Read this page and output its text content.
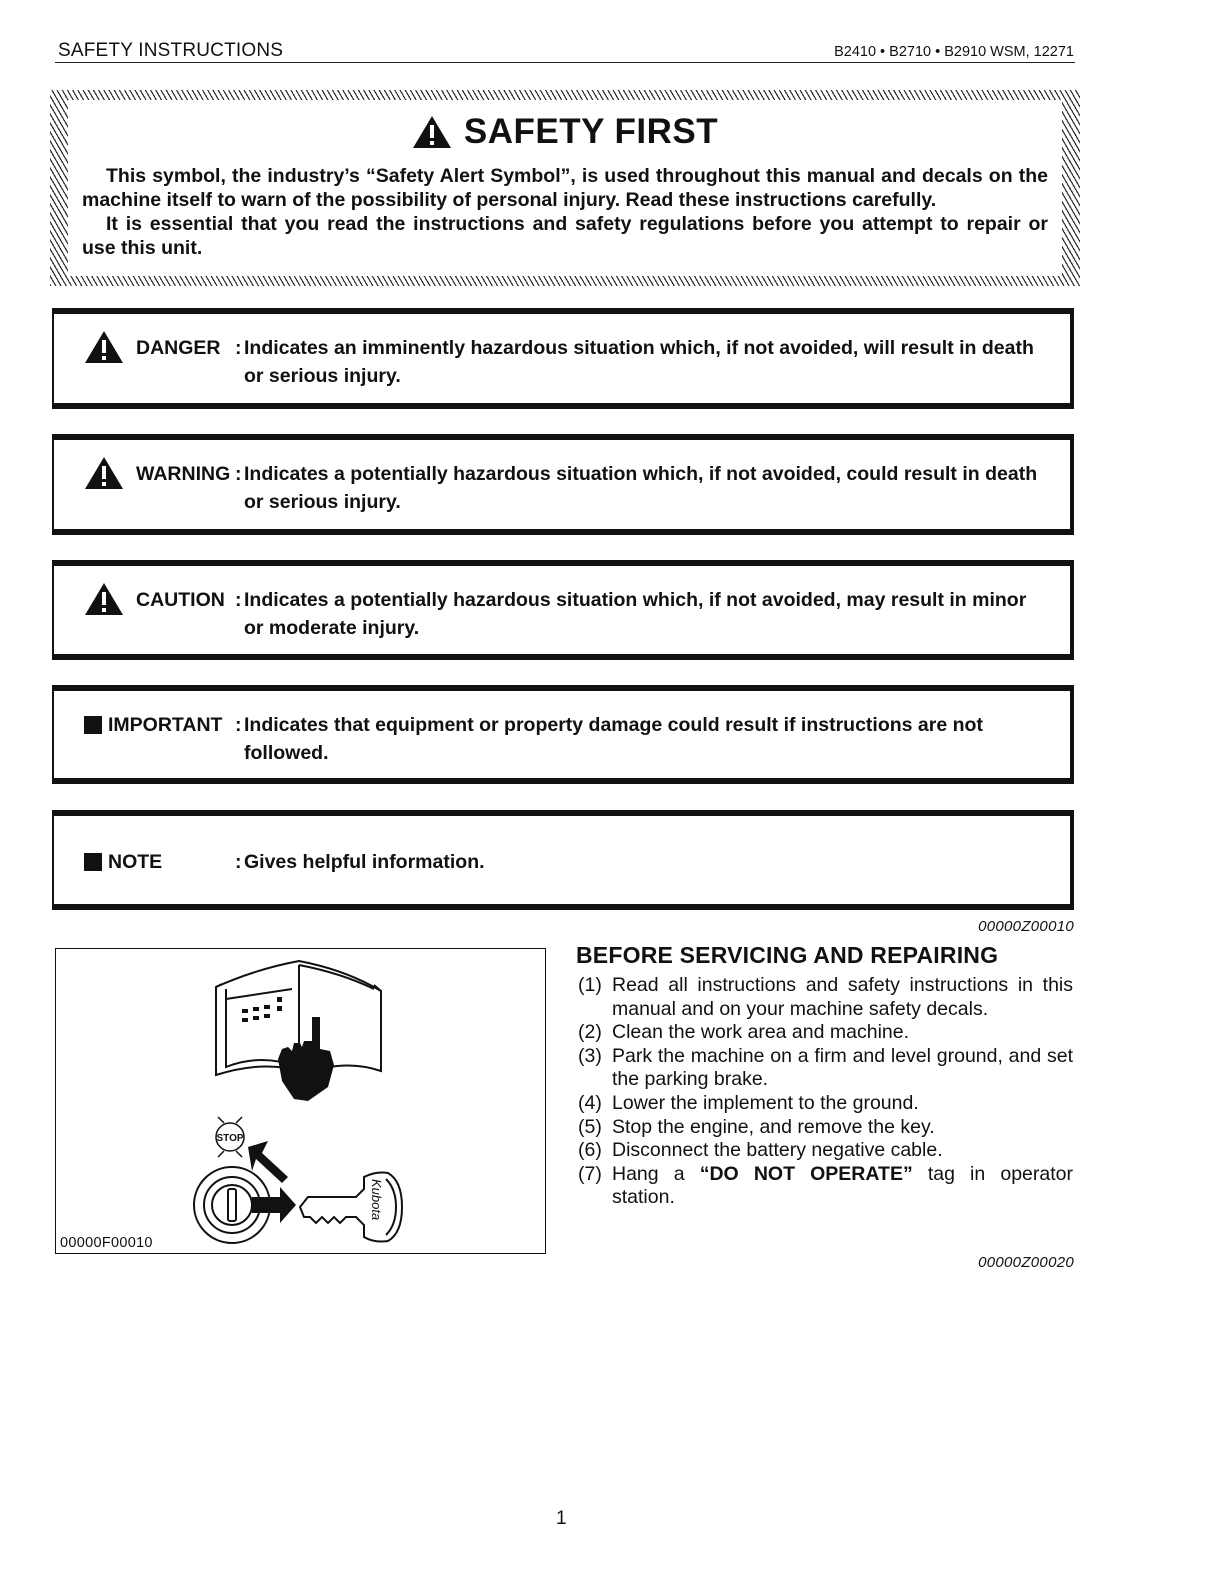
SAFETY INSTRUCTIONS	B2410 • B2710 • B2910 WSM, 12271
SAFETY FIRST

This symbol, the industry’s “Safety Alert Symbol”, is used throughout this manual and decals on the machine itself to warn of the possibility of personal injury. Read these instructions carefully.

It is essential that you read the instructions and safety regulations before you attempt to repair or use this unit.

DANGER : Indicates an imminently hazardous situation which, if not avoided, will result in death or serious injury.
WARNING : Indicates a potentially hazardous situation which, if not avoided, could result in death or serious injury.
CAUTION : Indicates a potentially hazardous situation which, if not avoided, may result in minor or moderate injury.
IMPORTANT : Indicates that equipment or property damage could result if instructions are not followed.
NOTE	: Gives helpful information.
00000Z00010
STOP
Kubota
00000F00010
BEFORE SERVICING AND REPAIRING
(1) Read all instructions and safety instructions in this manual and on your machine safety decals.
(2) Clean the work area and machine.
(3) Park the machine on a firm and level ground, and set the parking brake.
(4) Lower the implement to the ground.
(5) Stop the engine, and remove the key.
(6) Disconnect the battery negative cable.
(7) Hang a “DO NOT OPERATE” tag in operator station.
00000Z00020
1
